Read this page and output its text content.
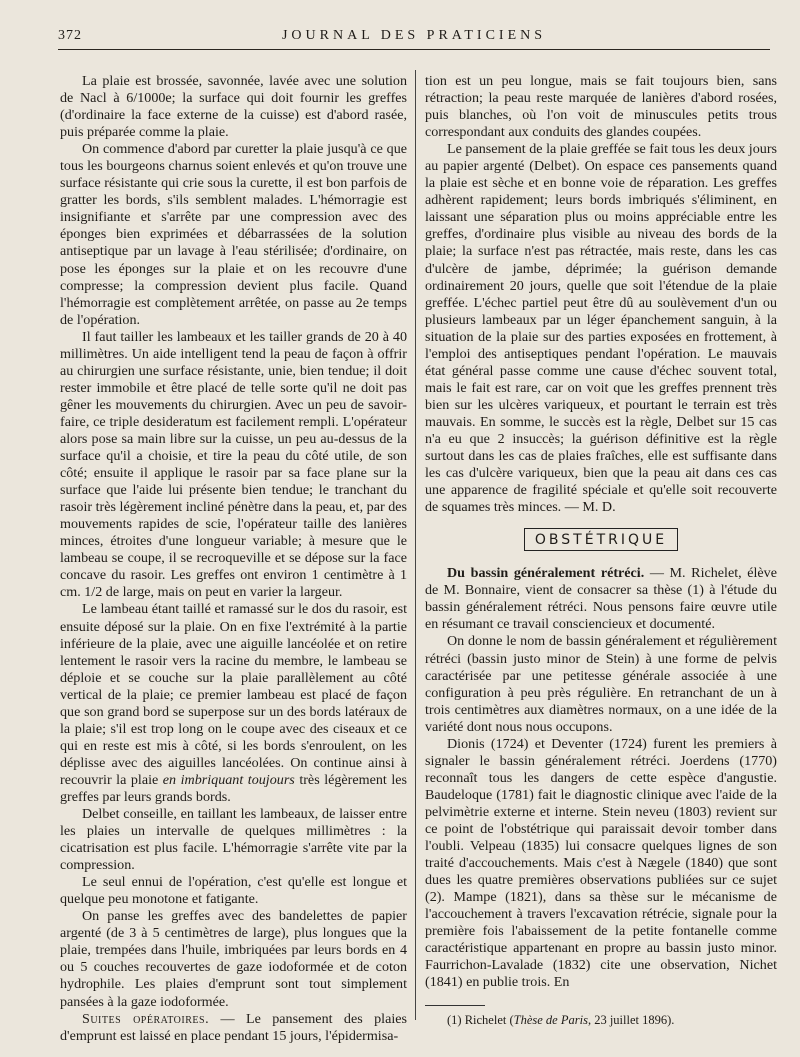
372	JOURNAL DES PRATICIENS

La plaie est brossée, savonnée, lavée avec une solution de Nacl à 6/1000e; la surface qui doit fournir les greffes (d'ordinaire la face externe de la cuisse) est d'abord rasée, puis préparée comme la plaie.

On commence d'abord par curetter la plaie jusqu'à ce que tous les bourgeons charnus soient enlevés et qu'on trouve une surface résistante qui crie sous la curette, il est bon parfois de gratter les bords, s'ils semblent malades. L'hémorragie est insignifiante et s'arrête par une compression avec des éponges bien exprimées et débarrassées de la solution antiseptique par un lavage à l'eau stérilisée; d'ordinaire, on pose les éponges sur la plaie et on les recouvre d'une compresse; la compression devient plus facile. Quand l'hémorragie est complètement arrêtée, on passe au 2e temps de l'opération.

Il faut tailler les lambeaux et les tailler grands de 20 à 40 millimètres. Un aide intelligent tend la peau de façon à offrir au chirurgien une surface résistante, unie, bien tendue; il doit rester immobile et être placé de telle sorte qu'il ne doit pas gêner les mouvements du chirurgien. Avec un peu de savoir-faire, ce triple desideratum est facilement rempli. L'opérateur alors pose sa main libre sur la cuisse, un peu au-dessus de la surface qu'il a choisie, et tire la peau du côté utile, de son côté; ensuite il applique le rasoir par sa face plane sur la surface que l'aide lui présente bien tendue; le tranchant du rasoir très légèrement incliné pénètre dans la peau, et, par des mouvements rapides de scie, l'opérateur taille des lanières minces, étroites d'une longueur variable; à mesure que le lambeau se coupe, il se recroqueville et se dépose sur la face concave du rasoir. Les greffes ont environ 1 centimètre à 1 cm. 1/2 de large, mais on peut en varier la largeur.

Le lambeau étant taillé et ramassé sur le dos du rasoir, est ensuite déposé sur la plaie. On en fixe l'extrémité à la partie inférieure de la plaie, avec une aiguille lancéolée et on retire lentement le rasoir vers la racine du membre, le lambeau se déploie et se couche sur la plaie parallèlement au côté vertical de la plaie; ce premier lambeau est placé de façon que son grand bord se superpose sur un des bords latéraux de la plaie; s'il est trop long on le coupe avec des ciseaux et ce qui en reste est mis à côté, si les bords s'enroulent, on les déplisse avec des aiguilles lancéolées. On continue ainsi à recouvrir la plaie en imbriquant toujours très légèrement les greffes par leurs grands bords.

Delbet conseille, en taillant les lambeaux, de laisser entre les plaies un intervalle de quelques millimètres : la cicatrisation est plus facile. L'hémorragie s'arrête vite par la compression.

Le seul ennui de l'opération, c'est qu'elle est longue et quelque peu monotone et fatigante.

On panse les greffes avec des bandelettes de papier argenté (de 3 à 5 centimètres de large), plus longues que la plaie, trempées dans l'huile, imbriquées par leurs bords en 4 ou 5 couches recouvertes de gaze iodoformée et de coton hydrophile. Les plaies d'emprunt sont tout simplement pansées à la gaze iodoformée.

Suites opératoires. — Le pansement des plaies d'emprunt est laissé en place pendant 15 jours, l'épidermisa-

tion est un peu longue, mais se fait toujours bien, sans rétraction; la peau reste marquée de lanières d'abord rosées, puis blanches, où l'on voit de minuscules petits trous correspondant aux conduits des glandes coupées.

Le pansement de la plaie greffée se fait tous les deux jours au papier argenté (Delbet). On espace ces pansements quand la plaie est sèche et en bonne voie de réparation. Les greffes adhèrent rapidement; leurs bords imbriqués s'éliminent, en laissant une séparation plus ou moins appréciable entre les greffes, d'ordinaire plus visible au niveau des bords de la plaie; la surface n'est pas rétractée, mais reste, dans les cas d'ulcère de jambe, déprimée; la guérison demande ordinairement 20 jours, quelle que soit l'étendue de la plaie greffée. L'échec partiel peut être dû au soulèvement d'un ou plusieurs lambeaux par un léger épanchement sanguin, à la situation de la plaie sur des parties exposées en frottement, à l'emploi des antiseptiques pendant l'opération. Le mauvais état général passe comme une cause d'échec souvent total, mais le fait est rare, car on voit que les greffes prennent très bien sur les ulcères variqueux, et pourtant le terrain est très mauvais. En somme, le succès est la règle, Delbet sur 15 cas n'a eu que 2 insuccès; la guérison définitive est la règle surtout dans les cas de plaies fraîches, elle est suffisante dans les cas d'ulcère variqueux, bien que la peau ait dans ces cas une apparence de fragilité spéciale et qu'elle soit recouverte de squames très minces. — M. D.

OBSTÉTRIQUE

Du bassin généralement rétréci. — M. Richelet, élève de M. Bonnaire, vient de consacrer sa thèse (1) à l'étude du bassin généralement rétréci. Nous pensons faire œuvre utile en résumant ce travail consciencieux et documenté.

On donne le nom de bassin généralement et régulièrement rétréci (bassin justo minor de Stein) à une forme de pelvis caractérisée par une petitesse générale associée à une configuration à peu près régulière. En retranchant de un à trois centimètres aux diamètres normaux, on a une idée de la variété dont nous nous occupons.

Dionis (1724) et Deventer (1724) furent les premiers à signaler le bassin généralement rétréci. Joerdens (1770) reconnaît tous les dangers de cette espèce d'angustie. Baudeloque (1781) fait le diagnostic clinique avec l'aide de la pelvimètrie externe et interne. Stein neveu (1803) revient sur ce point de l'obstétrique qui paraissait devoir tomber dans l'oubli. Velpeau (1835) lui consacre quelques lignes de son traité d'accouchements. Mais c'est à Nægele (1840) que sont dues les quatre premières observations publiées sur ce sujet (2). Mampe (1821), dans sa thèse sur le mécanisme de l'accouchement à travers l'excavation rétrécie, signale pour la première fois l'abaissement de la petite fontanelle comme caractéristique appartenant en propre au bassin justo minor. Faurrichon-Lavalade (1832) cite une observation, Nichet (1841) en publie trois. En

(1) Richelet (Thèse de Paris, 23 juillet 1896).
